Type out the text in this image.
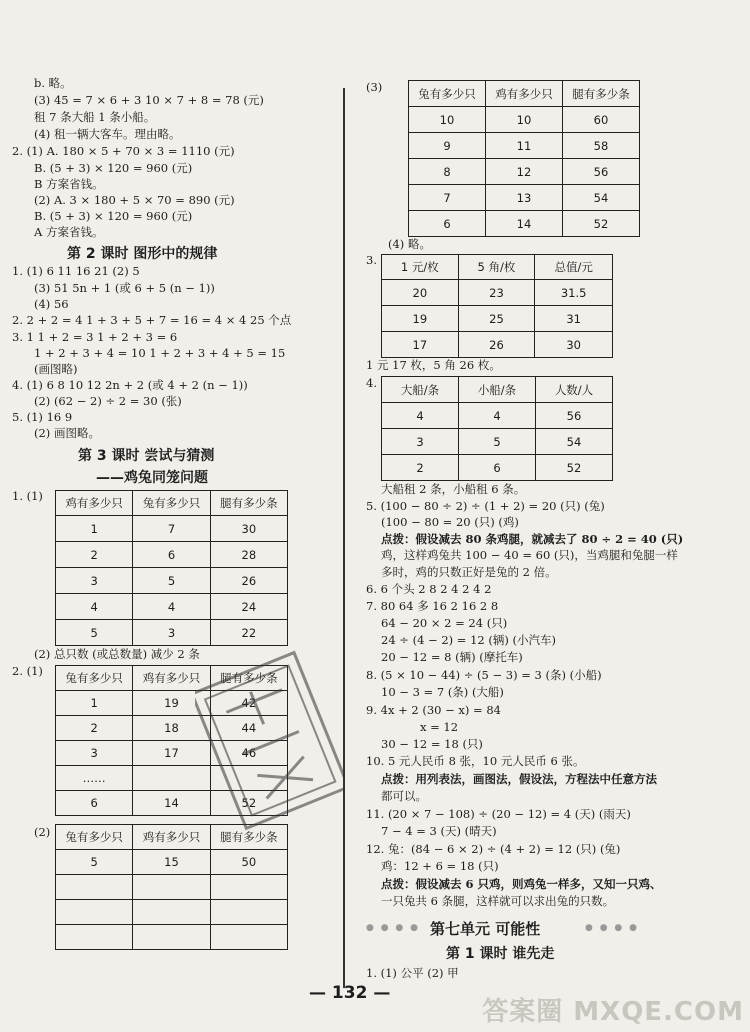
b. 略。
(3) 45 = 7 × 6 + 3 10 × 7 + 8 = 78 (元)
租 7 条大船 1 条小船。
(4) 租一辆大客车。理由略。
2. (1) A. 180 × 5 + 70 × 3 = 1110 (元)
B. (5 + 3) × 120 = 960 (元)
B 方案省钱。
(2) A. 3 × 180 + 5 × 70 = 890 (元)
B. (5 + 3) × 120 = 960 (元)
A 方案省钱。
第 2 课时 图形中的规律
1. (1) 6 11 16 21 (2) 5
(3) 51 5n + 1 (或 6 + 5 (n − 1))
(4) 56
2. 2 + 2 = 4 1 + 3 + 5 + 7 = 16 = 4 × 4 25 个点
3. 1 1 + 2 = 3 1 + 2 + 3 = 6
1 + 2 + 3 + 4 = 10 1 + 2 + 3 + 4 + 5 = 15
(画图略)
4. (1) 6 8 10 12 2n + 2 (或 4 + 2 (n − 1))
(2) (62 − 2) ÷ 2 = 30 (张)
5. (1) 16 9
(2) 画图略。
第 3 课时 尝试与猜测
——鸡兔同笼问题
1. (1) 鸡有多少只	兔有多少只	腿有多少条
1	7	30
2	6	28
3	5	26
4	4	24
5	3	22
(2) 总只数 (或总数量) 减少 2 条
2. (1) 兔有多少只	鸡有多少只	腿有多少条
1	19	42
2	18	44
3	17	46
……		
6	14	52
(2) 兔有多少只	鸡有多少只	腿有多少条
5	15	50

(3)	兔有多少只	鸡有多少只	腿有多少条
10	10	60
9	11	58
8	12	56
7	13	54
6	14	52
(4) 略。
3. 1 元/枚	5 角/枚	总值/元
20	23	31.5
19	25	31
17	26	30
1 元 17 枚，5 角 26 枚。
4. 大船/条	小船/条	人数/人
4	4	56
3	5	54
2	6	52
大船租 2 条，小船租 6 条。
5. (100 − 80 ÷ 2) ÷ (1 + 2) = 20 (只) (兔)
(100 − 80 = 20 (只) (鸡)
点拨：假设减去 80 条鸡腿，就减去了 80 ÷ 2 = 40 (只)
鸡，这样鸡兔共 100 − 40 = 60 (只)，当鸡腿和兔腿一样
多时，鸡的只数正好是兔的 2 倍。
6. 6 个头 2 8 2 4 2 4 2
7. 80 64 多 16 2 16 2 8
64 − 20 × 2 = 24 (只)
24 ÷ (4 − 2) = 12 (辆) (小汽车)
20 − 12 = 8 (辆) (摩托车)
8. (5 × 10 − 44) ÷ (5 − 3) = 3 (条) (小船)
10 − 3 = 7 (条) (大船)
9. 4x + 2 (30 − x) = 84
x = 12
30 − 12 = 18 (只)
10. 5 元人民币 8 张，10 元人民币 6 张。
点拨：用列表法，画图法，假设法，方程法中任意方法
都可以。
11. (20 × 7 − 108) ÷ (20 − 12) = 4 (天) (雨天)
7 − 4 = 3 (天) (晴天)
12. 兔：(84 − 6 × 2) ÷ (4 + 2) = 12 (只) (兔)
鸡：12 + 6 = 18 (只)
点拨：假设减去 6 只鸡，则鸡兔一样多，又知一只鸡、
一只兔共 6 条腿，这样就可以求出兔的只数。
● ● ● ● 第七单元 可能性	● ● ● ●
第 1 课时 谁先走
1. (1) 公平 (2) 甲
— 132 —
答案圈 MXQE.COM
